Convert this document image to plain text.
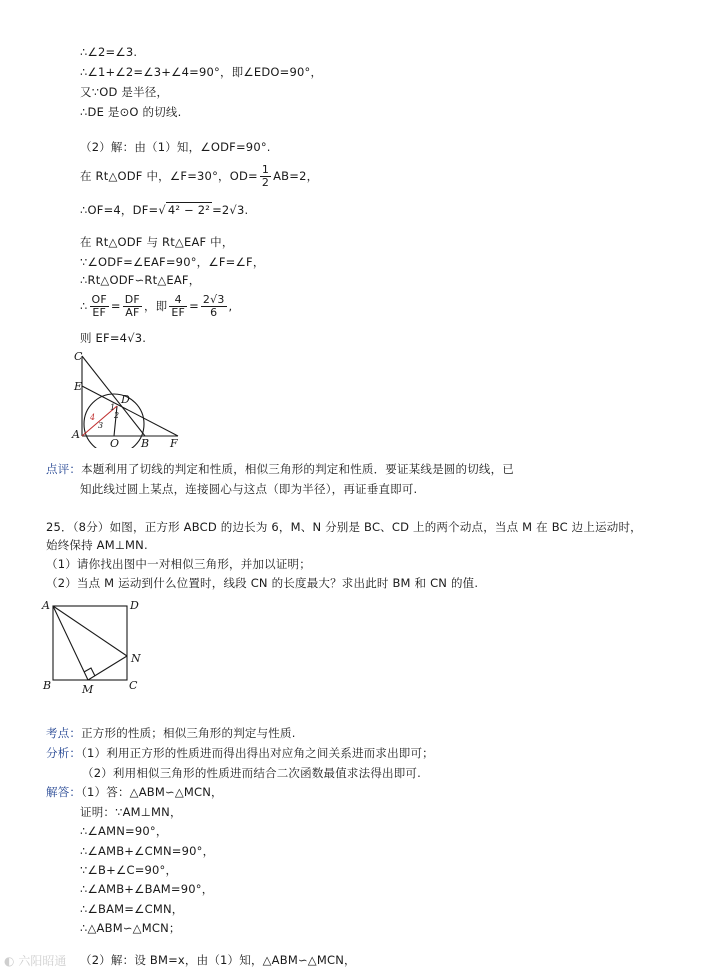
∴∠2=∠3.
∴∠1+∠2=∠3+∠4=90°，即∠EDO=90°，
又∵OD 是半径，
∴DE 是⊙O 的切线.
（2）解：由（1）知，∠ODF=90°.
在 Rt△ODF 中，∠F=30°，$OD= \frac{1}{2} AB=2$，
∴OF=4，DF=√ 4² − 2² =2√3.
在 Rt△ODF 与 Rt△EAF 中，
∵∠ODF=∠EAF=90°，∠F=∠F，
∴Rt△ODF∽Rt△EAF，
∴ $\frac{OF}{EF} = \frac{DF}{AF}$ ，即 $\frac{4}{EF} = \frac{2√3}{6}$ ,
则 EF=4√3.
C
E
D
1
2
4
3
A
O B F
点评：本题利用了切线的判定和性质，相似三角形的判定和性质．要证某线是圆的切线，已
知此线过圆上某点，连接圆心与这点（即为半径），再证垂直即可.
25．（8分）如图，正方形 ABCD 的边长为 6，M、N 分别是 BC、CD 上的两个动点，当点 M 在 BC 边上运动时，
始终保持 AM⊥MN.
（1）请你找出图中一对相似三角形，并加以证明；
（2）当点 M 运动到什么位置时，线段 CN 的长度最大？求出此时 BM 和 CN 的值.
A	D
N
B	M	C
考点：正方形的性质；相似三角形的判定与性质.
分析：（1）利用正方形的性质进而得出得出对应角之间关系进而求出即可；
（2）利用相似三角形的性质进而结合二次函数最值求法得出即可.
解答：（1）答：△ABM∽△MCN，
证明：∵AM⊥MN，
∴∠AMN=90°，
∴∠AMB+∠CMN=90°，
∵∠B+∠C=90°，
∴∠AMB+∠BAM=90°，
∴∠BAM=∠CMN，
∴△ABM∽△MCN；
（2）解：设 BM=x，由（1）知，△ABM∽△MCN，
◐ 六阳昭通
